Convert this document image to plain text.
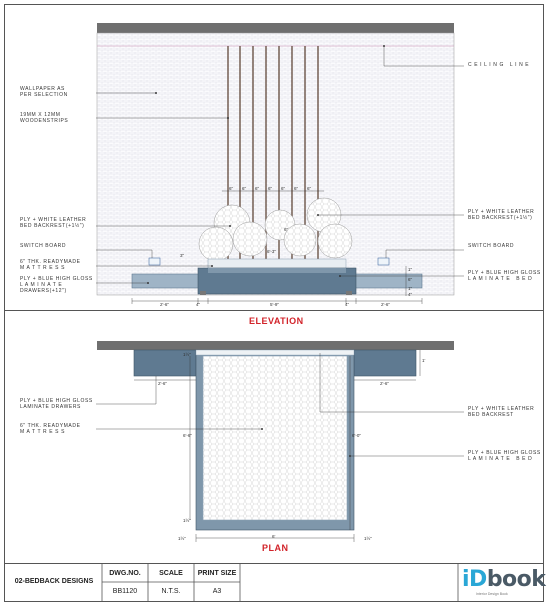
WALLPAPER AS
PER SELECTION
19MM X 12MM
WOODENSTRIPS
PLY + WHITE LEATHER
BED BACKREST(+1½")
SWITCH BOARD
6" THK. READYMADE
M A T T R E S S
PLY + BLUE HIGH GLOSS
L A M I N A T E
DRAWERS(+12")
C E I L I N G   L I N E
PLY + WHITE LEATHER
BED BACKREST(+1½")
SWITCH BOARD
PLY + BLUE HIGH GLOSS
L A M I N A T E   B E D
6" 6" 6" 6" 6" 6" 6"
6"
6'-3"
3"
2'-6"	4"	5'-9"	4"	2'-6"
1"
6"
1"
4"
ELEVATION
PLY + BLUE HIGH GLOSS
LAMINATE DRAWERS
6" THK. READYMADE
M A T T R E S S
PLY + WHITE LEATHER
BED BACKREST
PLY + BLUE HIGH GLOSS
L A M I N A T E   B E D
2'-6"	2'-6"
1'
1½"
6'-6"	6'-0"
1½"
6'
1½"	1½"
PLAN
02-BEDBACK DESIGNS
DWG.NO.
BB1120
SCALE
N.T.S.
PRINT SIZE
A3	iDbook
Interior Design Book
